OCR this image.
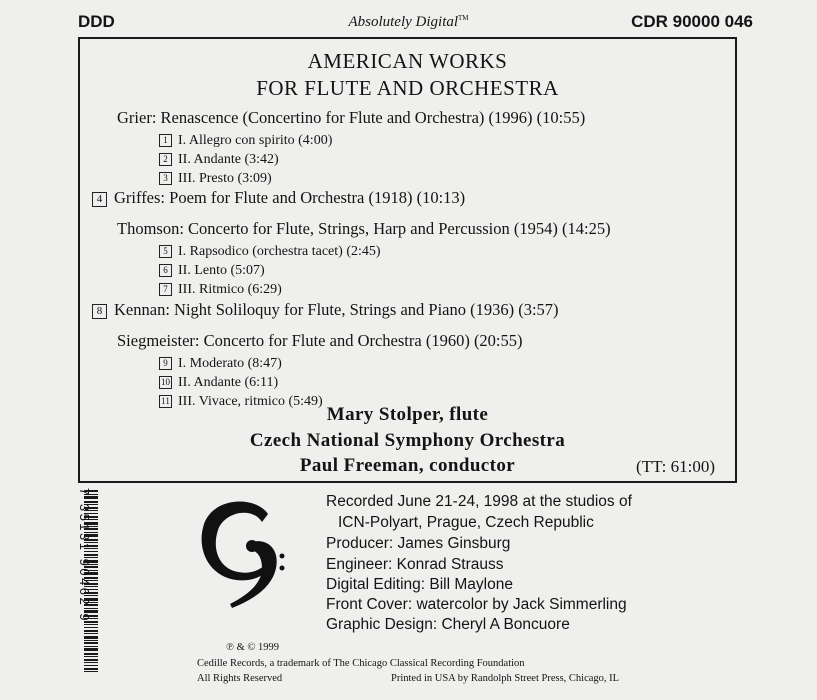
DDD	Absolutely Digital™	CDR 90000 046
AMERICAN WORKS
FOR FLUTE AND ORCHESTRA
Grier: Renascence (Concertino for Flute and Orchestra) (1996) (10:55)
1 I. Allegro con spirito (4:00)
2 II. Andante (3:42)
3 III. Presto (3:09)
4 Griffes: Poem for Flute and Orchestra (1918) (10:13)
Thomson: Concerto for Flute, Strings, Harp and Percussion (1954) (14:25)
5 I. Rapsodico (orchestra tacet) (2:45)
6 II. Lento (5:07)
7 III. Ritmico (6:29)
8 Kennan: Night Soliloquy for Flute, Strings and Piano (1936) (3:57)
Siegmeister: Concerto for Flute and Orchestra (1960) (20:55)
9 I. Moderato (8:47)
10 II. Andante (6:11)
11 III. Vivace, ritmico (5:49)
Mary Stolper, flute
Czech National Symphony Orchestra
Paul Freeman, conductor	(TT: 61:00)
7 35131 90462 9
℗ & © 1999
Cedille Records, a trademark of The Chicago Classical Recording Foundation
All Rights Reserved	Printed in USA by Randolph Street Press, Chicago, IL
Recorded June 21-24, 1998 at the studios of
ICN-Polyart, Prague, Czech Republic
Producer: James Ginsburg
Engineer: Konrad Strauss
Digital Editing: Bill Maylone
Front Cover: watercolor by Jack Simmerling
Graphic Design: Cheryl A Boncuore
